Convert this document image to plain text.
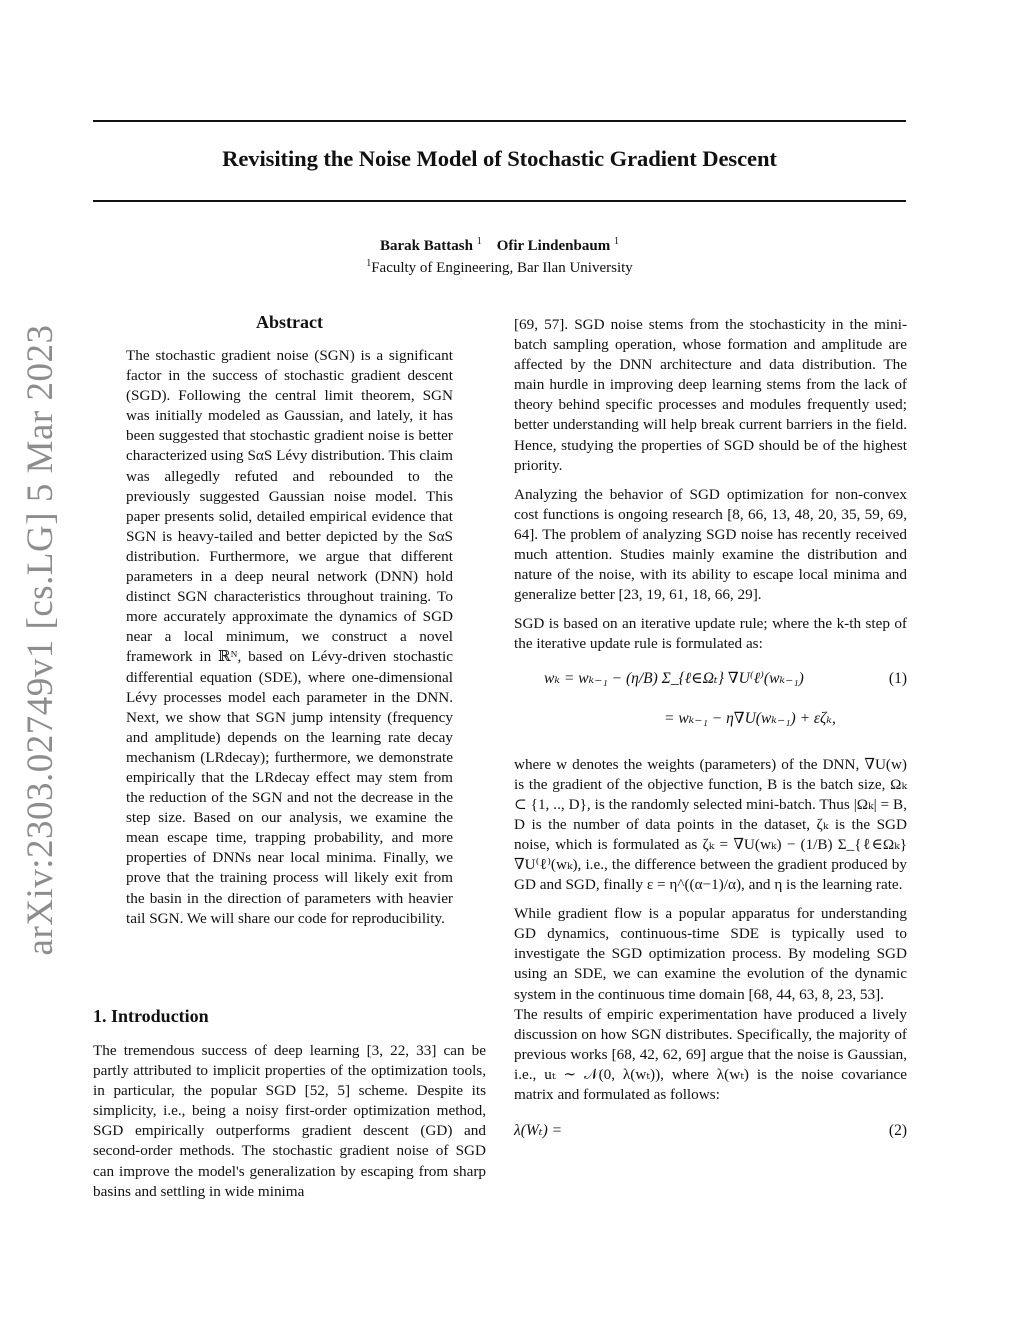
Revisiting the Noise Model of Stochastic Gradient Descent
Barak Battash $^1$ Ofir Lindenbaum $^1$
$^1$Faculty of Engineering, Bar Ilan University
arXiv:2303.02749v1 [cs.LG] 5 Mar 2023
Abstract
The stochastic gradient noise (SGN) is a significant factor in the success of stochastic gradient descent (SGD). Following the central limit theorem, SGN was initially modeled as Gaussian, and lately, it has been suggested that stochastic gradient noise is better characterized using SαS Lévy distribution. This claim was allegedly refuted and rebounded to the previously suggested Gaussian noise model. This paper presents solid, detailed empirical evidence that SGN is heavy-tailed and better depicted by the SαS distribution. Furthermore, we argue that different parameters in a deep neural network (DNN) hold distinct SGN characteristics throughout training. To more accurately approximate the dynamics of SGD near a local minimum, we construct a novel framework in ℝᴺ, based on Lévy-driven stochastic differential equation (SDE), where one-dimensional Lévy processes model each parameter in the DNN. Next, we show that SGN jump intensity (frequency and amplitude) depends on the learning rate decay mechanism (LRdecay); furthermore, we demonstrate empirically that the LRdecay effect may stem from the reduction of the SGN and not the decrease in the step size. Based on our analysis, we examine the mean escape time, trapping probability, and more properties of DNNs near local minima. Finally, we prove that the training process will likely exit from the basin in the direction of parameters with heavier tail SGN. We will share our code for reproducibility.
1. Introduction

The tremendous success of deep learning [3, 22, 33] can be partly attributed to implicit properties of the optimization tools, in particular, the popular SGD [52, 5] scheme. Despite its simplicity, i.e., being a noisy first-order optimization method, SGD empirically outperforms gradient descent (GD) and second-order methods. The stochastic gradient noise of SGD can improve the model's generalization by escaping from sharp basins and settling in wide minima

[69, 57]. SGD noise stems from the stochasticity in the mini-batch sampling operation, whose formation and amplitude are affected by the DNN architecture and data distribution. The main hurdle in improving deep learning stems from the lack of theory behind specific processes and modules frequently used; better understanding will help break current barriers in the field. Hence, studying the properties of SGD should be of the highest priority.

Analyzing the behavior of SGD optimization for non-convex cost functions is ongoing research [8, 66, 13, 48, 20, 35, 59, 69, 64]. The problem of analyzing SGD noise has recently received much attention. Studies mainly examine the distribution and nature of the noise, with its ability to escape local minima and generalize better [23, 19, 61, 18, 66, 29].

SGD is based on an iterative update rule; where the k-th step of the iterative update rule is formulated as:

wₖ = wₖ₋₁ − (η/B) Σ_{ℓ∈Ωₜ} ∇U⁽ℓ⁾(wₖ₋₁)	(1)
= wₖ₋₁ − η∇U(wₖ₋₁) + εζₖ,

where w denotes the weights (parameters) of the DNN, ∇U(w) is the gradient of the objective function, B is the batch size, Ωₖ ⊂ {1, .., D}, is the randomly selected mini-batch. Thus |Ωₖ| = B, D is the number of data points in the dataset, ζₖ is the SGD noise, which is formulated as ζₖ = ∇U(wₖ) − (1/B) Σ_{ℓ∈Ωₖ} ∇U⁽ℓ⁾(wₖ), i.e., the difference between the gradient produced by GD and SGD, finally ε = η^((α−1)/α), and η is the learning rate.

While gradient flow is a popular apparatus for understanding GD dynamics, continuous-time SDE is typically used to investigate the SGD optimization process. By modeling SGD using an SDE, we can examine the evolution of the dynamic system in the continuous time domain [68, 44, 63, 8, 23, 53].

The results of empiric experimentation have produced a lively discussion on how SGN distributes. Specifically, the majority of previous works [68, 42, 62, 69] argue that the noise is Gaussian, i.e., uₜ ∼ 𝒩(0, λ(wₜ)), where λ(wₜ) is the noise covariance matrix and formulated as follows:

λ(Wₜ) =	(2)
